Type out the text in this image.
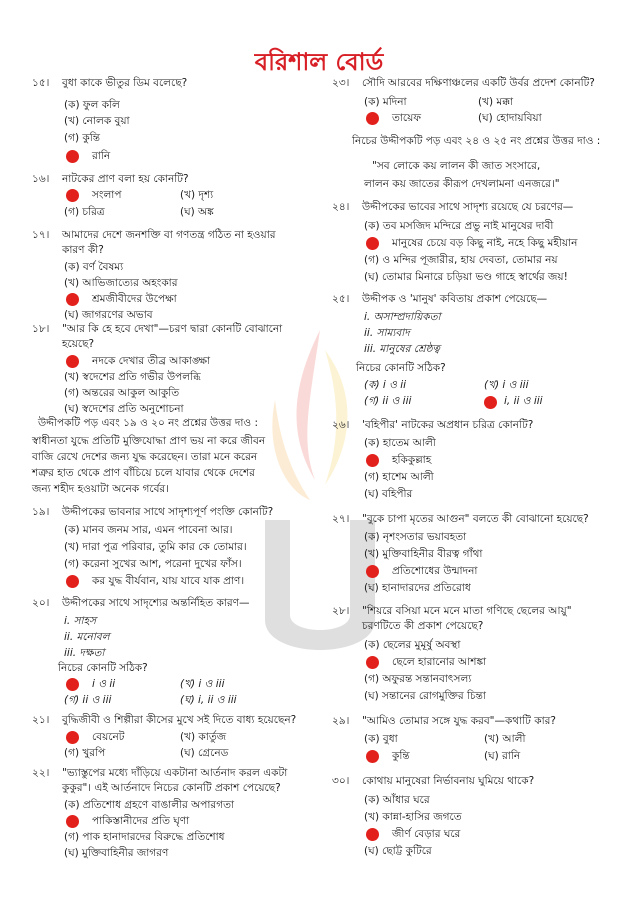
বরিশাল বোর্ড
১৫। বুধা কাকে ভীতুর ডিম বলেছে?
(ক) ফুল কলি
(খ) নোলক বুয়া
(গ) কুন্তি
রানি
১৬। নাটকের প্রাণ বলা হয় কোনটি?
সংলাপ	(খ) দৃশ্য
(গ) চরিত্র	(ঘ) অঙ্ক
১৭। আমাদের দেশে জনশক্তি বা গণতন্ত্র গঠিত না হওয়ার
কারণ কী?
(ক) বর্ণ বৈষম্য
(খ) আভিজাত্যের অহংকার
শ্রমজীবীদের উপেক্ষা
(ঘ) জাগরণের অভাব
১৮। "আর কি হে হবে দেখা"—চরণ দ্বারা কোনটি বোঝানো
হয়েছে?
নদকে দেখার তীব্র আকাঙ্ক্ষা
(খ) স্বদেশের প্রতি গভীর উপলব্ধি
(গ) অন্তরের আকুল আকুতি
(ঘ) স্বদেশের প্রতি অনুশোচনা
উদ্দীপকটি পড় এবং ১৯ ও ২০ নং প্রশ্নের উত্তর দাও :
স্বাধীনতা যুদ্ধে প্রতিটি মুক্তিযোদ্ধা প্রাণ ভয় না করে জীবন
বাজি রেখে দেশের জন্য যুদ্ধ করেছেন। তারা মনে করেন
শত্রুর হাত থেকে প্রাণ বাঁচিয়ে চলে যাবার থেকে দেশের
জন্য শহীদ হওয়াটা অনেক গর্বের।
১৯। উদ্দীপকের ভাবনার সাথে সাদৃশ্যপূর্ণ পংক্তি কোনটি?
(ক) মানব জনম সার, এমন পাবেনা আর।
(খ) দারা পুত্র পরিবার, তুমি কার কে তোমার।
(গ) করেনা সুখের আশ, পরেনা দুখের ফাঁস।
কর যুদ্ধ বীর্যবান, যায় যাবে যাক প্রাণ।
২০। উদ্দীপকের সাথে সাদৃশ্যের অন্তর্নিহিত কারণ—
i. সাহস
ii. মনোবল
iii. দক্ষতা
নিচের কোনটি সঠিক?
i ও ii	(খ) i ও iii
(গ) ii ও iii	(ঘ) i, ii ও iii
২১। বুদ্ধিজীবী ও শিল্পীরা কীসের মুখে সই দিতে বাধ্য হয়েছেন?
বেয়নেট	(খ) কার্তুজ
(গ) খুরপি	(ঘ) গ্রেনেড
২২। "ভ্যাস্তুপের মধ্যে দাঁড়িয়ে একটানা আর্তনাদ করল একটা
কুকুর"। এই আর্তনাদে নিচের কোনটি প্রকাশ পেয়েছে?
(ক) প্রতিশোধ গ্রহণে বাঙালীর অপারগতা
পাকিস্তানীদের প্রতি ঘৃণা
(গ) পাক হানাদারদের বিরুদ্ধে প্রতিশোধ
(ঘ) মুক্তিবাহিনীর জাগরণ
২৩। সৌদি আরবের দক্ষিণাঞ্চলের একটি উর্বর প্রদেশ কোনটি?
(ক) মদিনা	(খ) মক্কা
তায়েফ	(ঘ) হোদায়বিয়া
নিচের উদ্দীপকটি পড় এবং ২৪ ও ২৫ নং প্রশ্নের উত্তর দাও :
"সব লোকে কয় লালন কী জাত সংসারে,
লালন কয় জাতের কীরূপ দেখলামনা এনজরে।"
২৪। উদ্দীপকের ভাবের সাথে সাদৃশ্য রয়েছে যে চরণের—
(ক) তব মসজিদ মন্দিরে প্রভু নাই মানুষের দাবী
মানুষের চেয়ে বড় কিছু নাই, নহে কিছু মহীয়ান
(গ) ও মন্দির পূজারীর, হায় দেবতা, তোমার নয়
(ঘ) তোমার মিনারে চড়িয়া ভণ্ড গাহে স্বার্থের জয়!
২৫। উদ্দীপক ও 'মানুষ' কবিতায় প্রকাশ পেয়েছে—
i. অসাম্প্রদায়িকতা
ii. সাম্যবাদ
iii. মানুষের শ্রেষ্ঠত্ব
নিচের কোনটি সঠিক?
(ক) i ও ii	(খ) i ও iii
(গ) ii ও iii	i, ii ও iii
২৬। 'বহিপীর' নাটকের অপ্রধান চরিত্র কোনটি?
(ক) হাতেম আলী
হকিকুল্লাহ
(গ) হাশেম আলী
(ঘ) বহিপীর
২৭। "বুকে চাপা মৃতের আগুন" বলতে কী বোঝানো হয়েছে?
(ক) নৃশংসতার ভয়াবহতা
(খ) মুক্তিবাহিনীর বীরত্ব গাঁথা
প্রতিশোধের উন্মাদনা
(ঘ) হানাদারদের প্রতিরোধ
২৮। "শিয়রে বসিয়া মনে মনে মাতা গণিছে ছেলের আয়ু"
চরণটিতে কী প্রকাশ পেয়েছে?
(ক) ছেলের মুমূর্ষু অবস্থা
ছেলে হারানোর আশঙ্কা
(গ) অফুরন্ত সন্তানবাৎসল্য
(ঘ) সন্তানের রোগমুক্তির চিন্তা
২৯। "আমিও তোমার সঙ্গে যুদ্ধ করব"—কথাটি কার?
(ক) বুধা	(খ) আলী
কুন্তি	(ঘ) রানি
৩০। কোথায় মানুষেরা নির্ভাবনায় ঘুমিয়ে থাকে?
(ক) আঁধার ঘরে
(খ) কান্না-হাসির জগতে
জীর্ণ বেড়ার ঘরে
(ঘ) ছোট্ট কুটিরে
